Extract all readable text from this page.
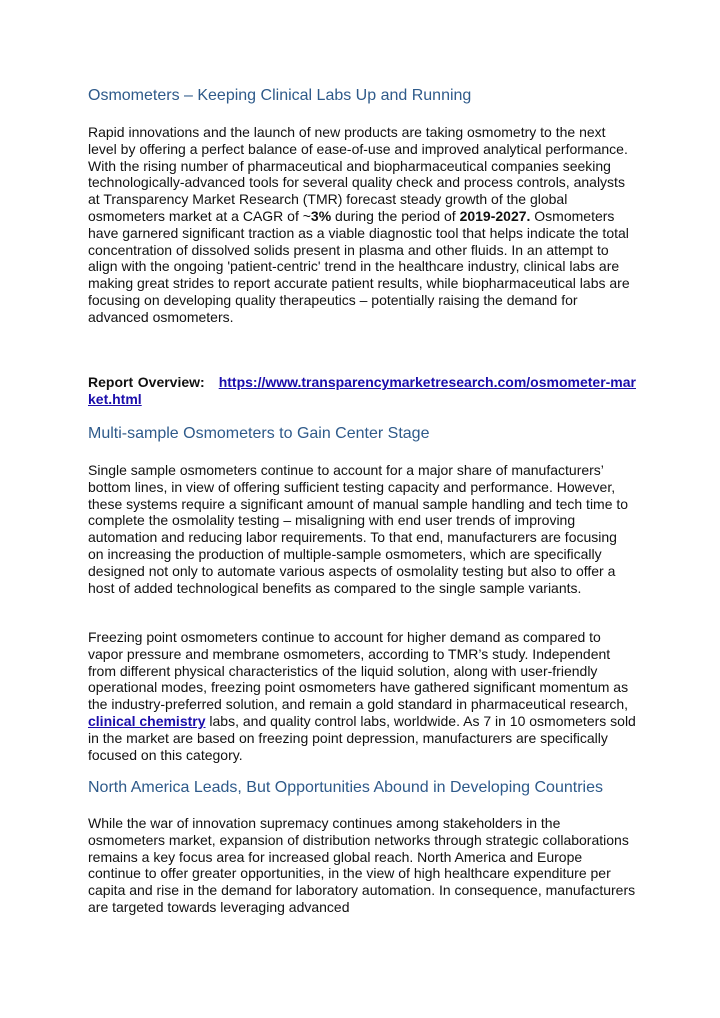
Osmometers – Keeping Clinical Labs Up and Running

Rapid innovations and the launch of new products are taking osmometry to the next level by offering a perfect balance of ease-of-use and improved analytical performance. With the rising number of pharmaceutical and biopharmaceutical companies seeking technologically-advanced tools for several quality check and process controls, analysts at Transparency Market Research (TMR) forecast steady growth of the global osmometers market at a CAGR of ~3% during the period of 2019-2027. Osmometers have garnered significant traction as a viable diagnostic tool that helps indicate the total concentration of dissolved solids present in plasma and other fluids. In an attempt to align with the ongoing 'patient-centric' trend in the healthcare industry, clinical labs are making great strides to report accurate patient results, while biopharmaceutical labs are focusing on developing quality therapeutics – potentially raising the demand for advanced osmometers.

Report Overview: https://www.transparencymarketresearch.com/osmometer-market.html

Multi-sample Osmometers to Gain Center Stage

Single sample osmometers continue to account for a major share of manufacturers’ bottom lines, in view of offering sufficient testing capacity and performance. However, these systems require a significant amount of manual sample handling and tech time to complete the osmolality testing – misaligning with end user trends of improving automation and reducing labor requirements. To that end, manufacturers are focusing on increasing the production of multiple-sample osmometers, which are specifically designed not only to automate various aspects of osmolality testing but also to offer a host of added technological benefits as compared to the single sample variants.

Freezing point osmometers continue to account for higher demand as compared to vapor pressure and membrane osmometers, according to TMR’s study. Independent from different physical characteristics of the liquid solution, along with user-friendly operational modes, freezing point osmometers have gathered significant momentum as the industry-preferred solution, and remain a gold standard in pharmaceutical research, clinical chemistry labs, and quality control labs, worldwide. As 7 in 10 osmometers sold in the market are based on freezing point depression, manufacturers are specifically focused on this category.

North America Leads, But Opportunities Abound in Developing Countries

While the war of innovation supremacy continues among stakeholders in the osmometers market, expansion of distribution networks through strategic collaborations remains a key focus area for increased global reach. North America and Europe continue to offer greater opportunities, in the view of high healthcare expenditure per capita and rise in the demand for laboratory automation. In consequence, manufacturers are targeted towards leveraging advanced
